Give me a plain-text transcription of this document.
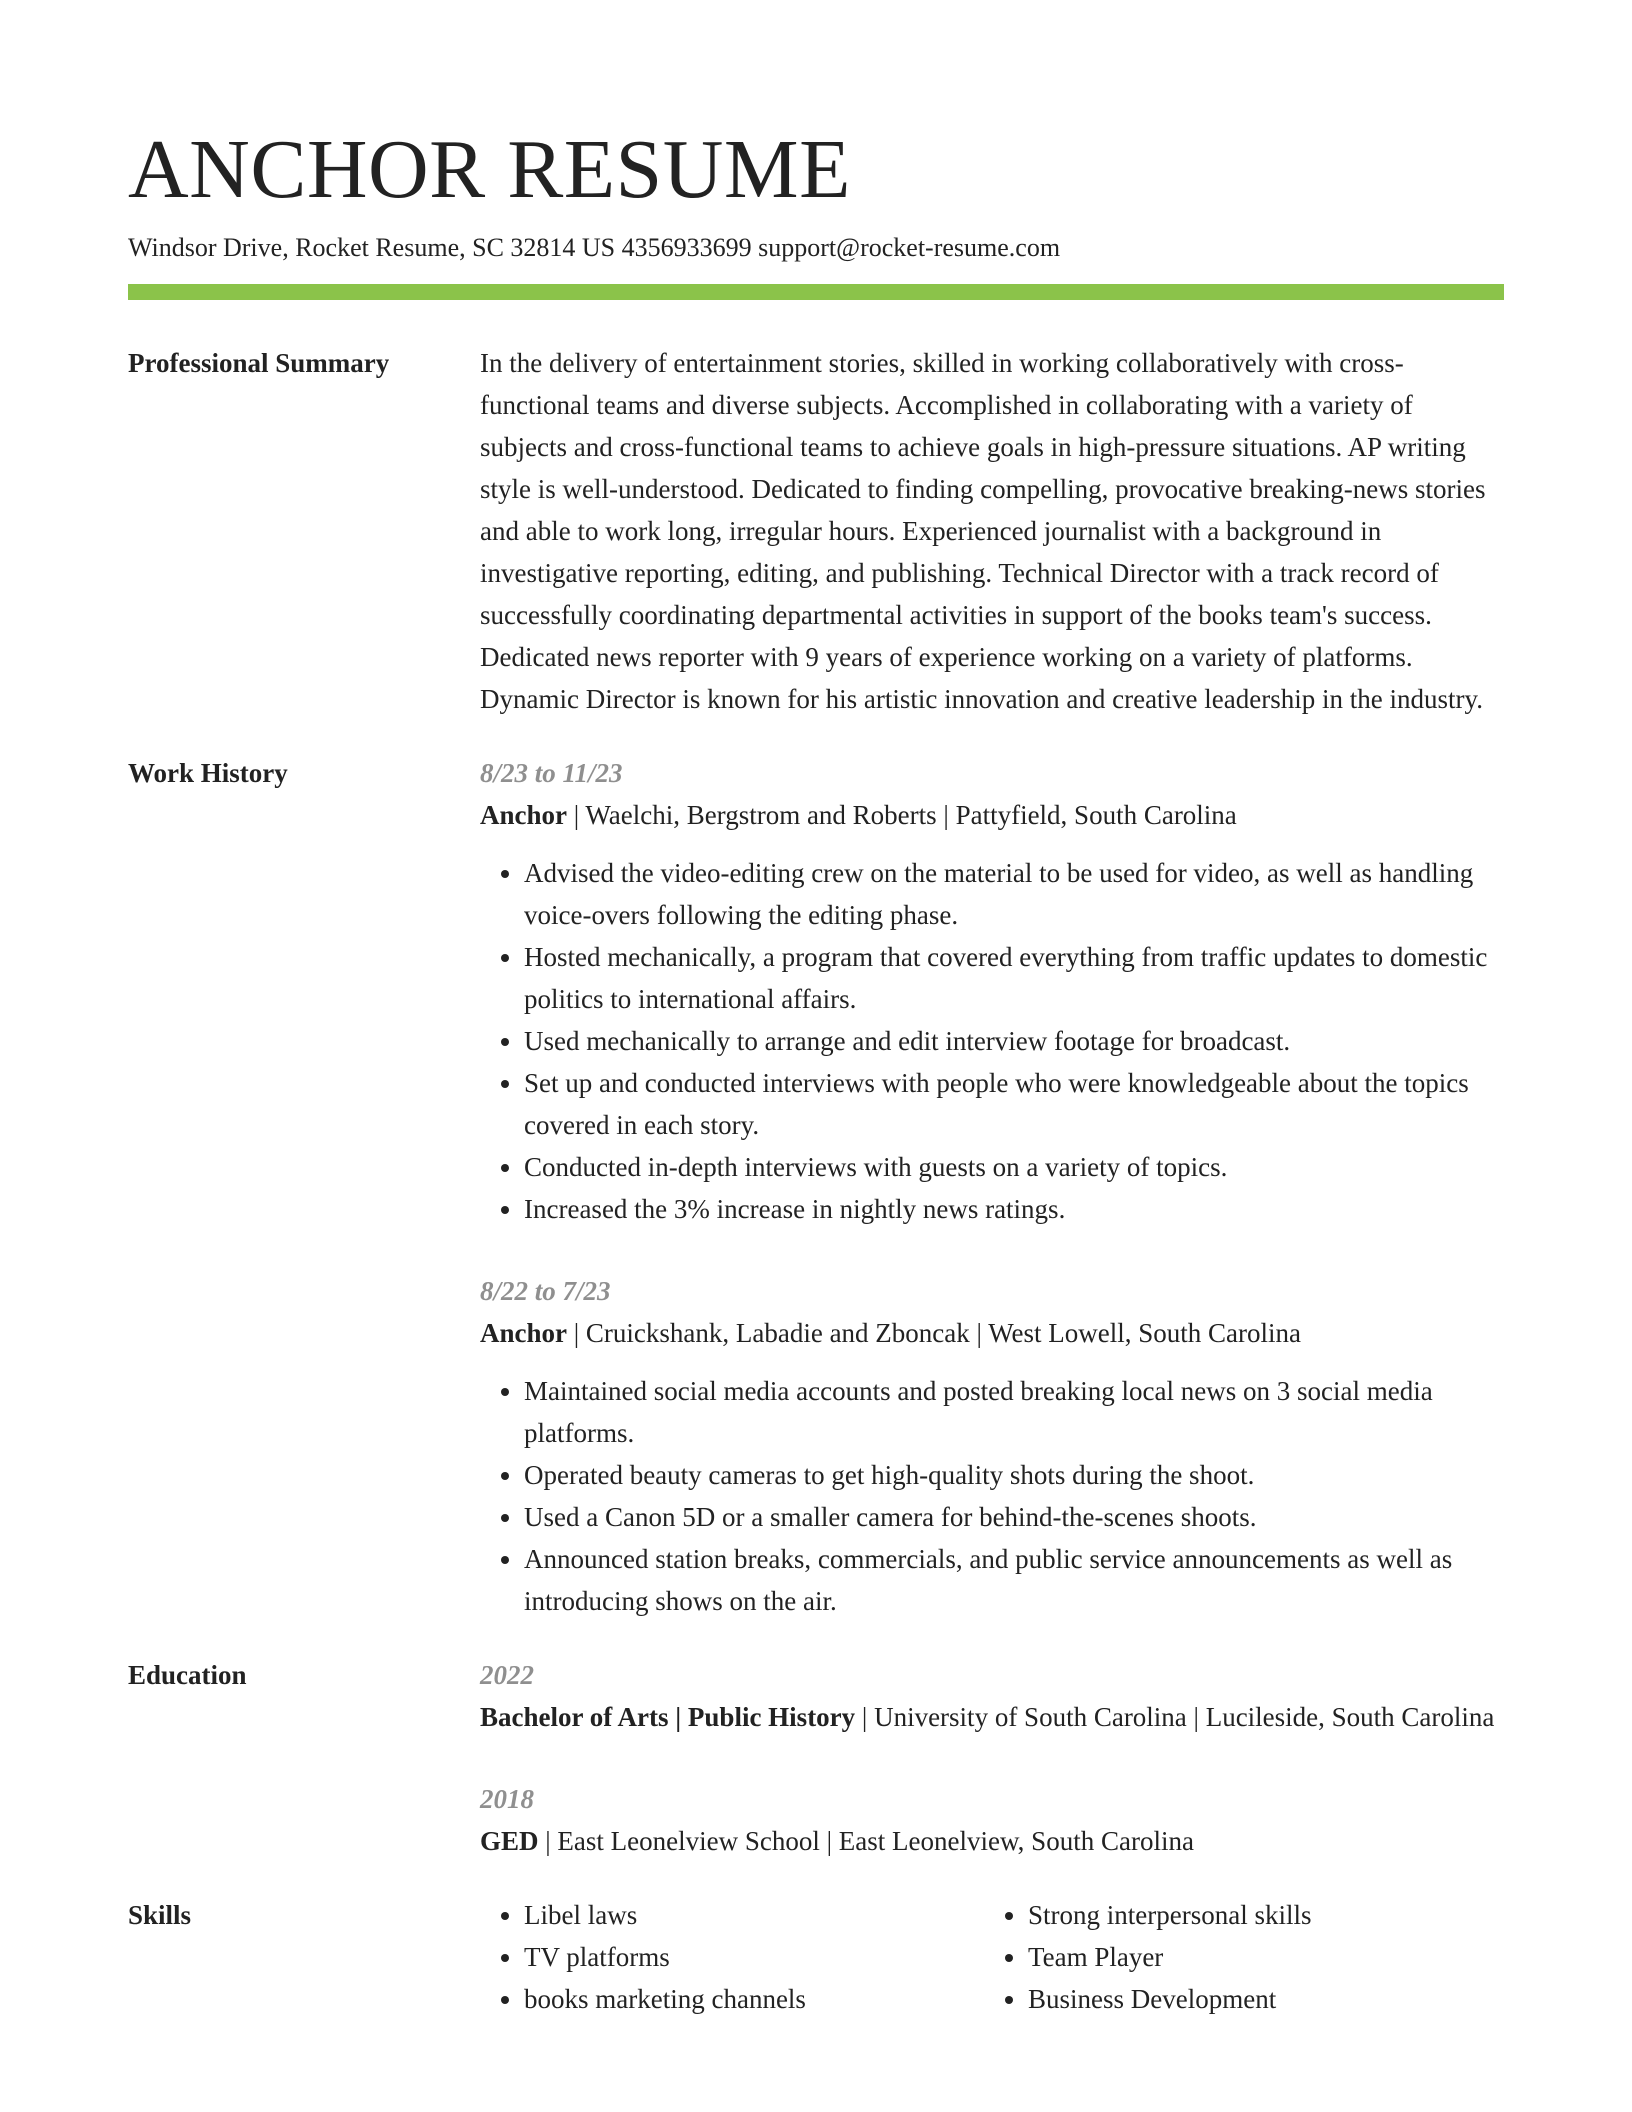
ANCHOR RESUME
Windsor Drive, Rocket Resume, SC 32814 US 4356933699 support@rocket-resume.com
Professional Summary	In the delivery of entertainment stories, skilled in working collaboratively with cross-functional teams and diverse subjects. Accomplished in collaborating with a variety of subjects and cross-functional teams to achieve goals in high-pressure situations. AP writing style is well-understood. Dedicated to finding compelling, provocative breaking-news stories and able to work long, irregular hours. Experienced journalist with a background in investigative reporting, editing, and publishing. Technical Director with a track record of successfully coordinating departmental activities in support of the books team's success. Dedicated news reporter with 9 years of experience working on a variety of platforms. Dynamic Director is known for his artistic innovation and creative leadership in the industry.

Work History	8/23 to 11/23
Anchor | Waelchi, Bergstrom and Roberts | Pattyfield, South Carolina
• Advised the video-editing crew on the material to be used for video, as well as handling voice-overs following the editing phase.
• Hosted mechanically, a program that covered everything from traffic updates to domestic politics to international affairs.
• Used mechanically to arrange and edit interview footage for broadcast.
• Set up and conducted interviews with people who were knowledgeable about the topics covered in each story.
• Conducted in-depth interviews with guests on a variety of topics.
• Increased the 3% increase in nightly news ratings.
8/22 to 7/23
Anchor | Cruickshank, Labadie and Zboncak | West Lowell, South Carolina
• Maintained social media accounts and posted breaking local news on 3 social media platforms.
• Operated beauty cameras to get high-quality shots during the shoot.
• Used a Canon 5D or a smaller camera for behind-the-scenes shoots.
• Announced station breaks, commercials, and public service announcements as well as introducing shows on the air.
Education	2022
Bachelor of Arts | Public History | University of South Carolina | Lucileside, South Carolina
2018
GED | East Leonelview School | East Leonelview, South Carolina
Skills
•	Libel laws
• TV platforms
• books marketing channels
• Strong interpersonal skills
• Team Player
• Business Development
